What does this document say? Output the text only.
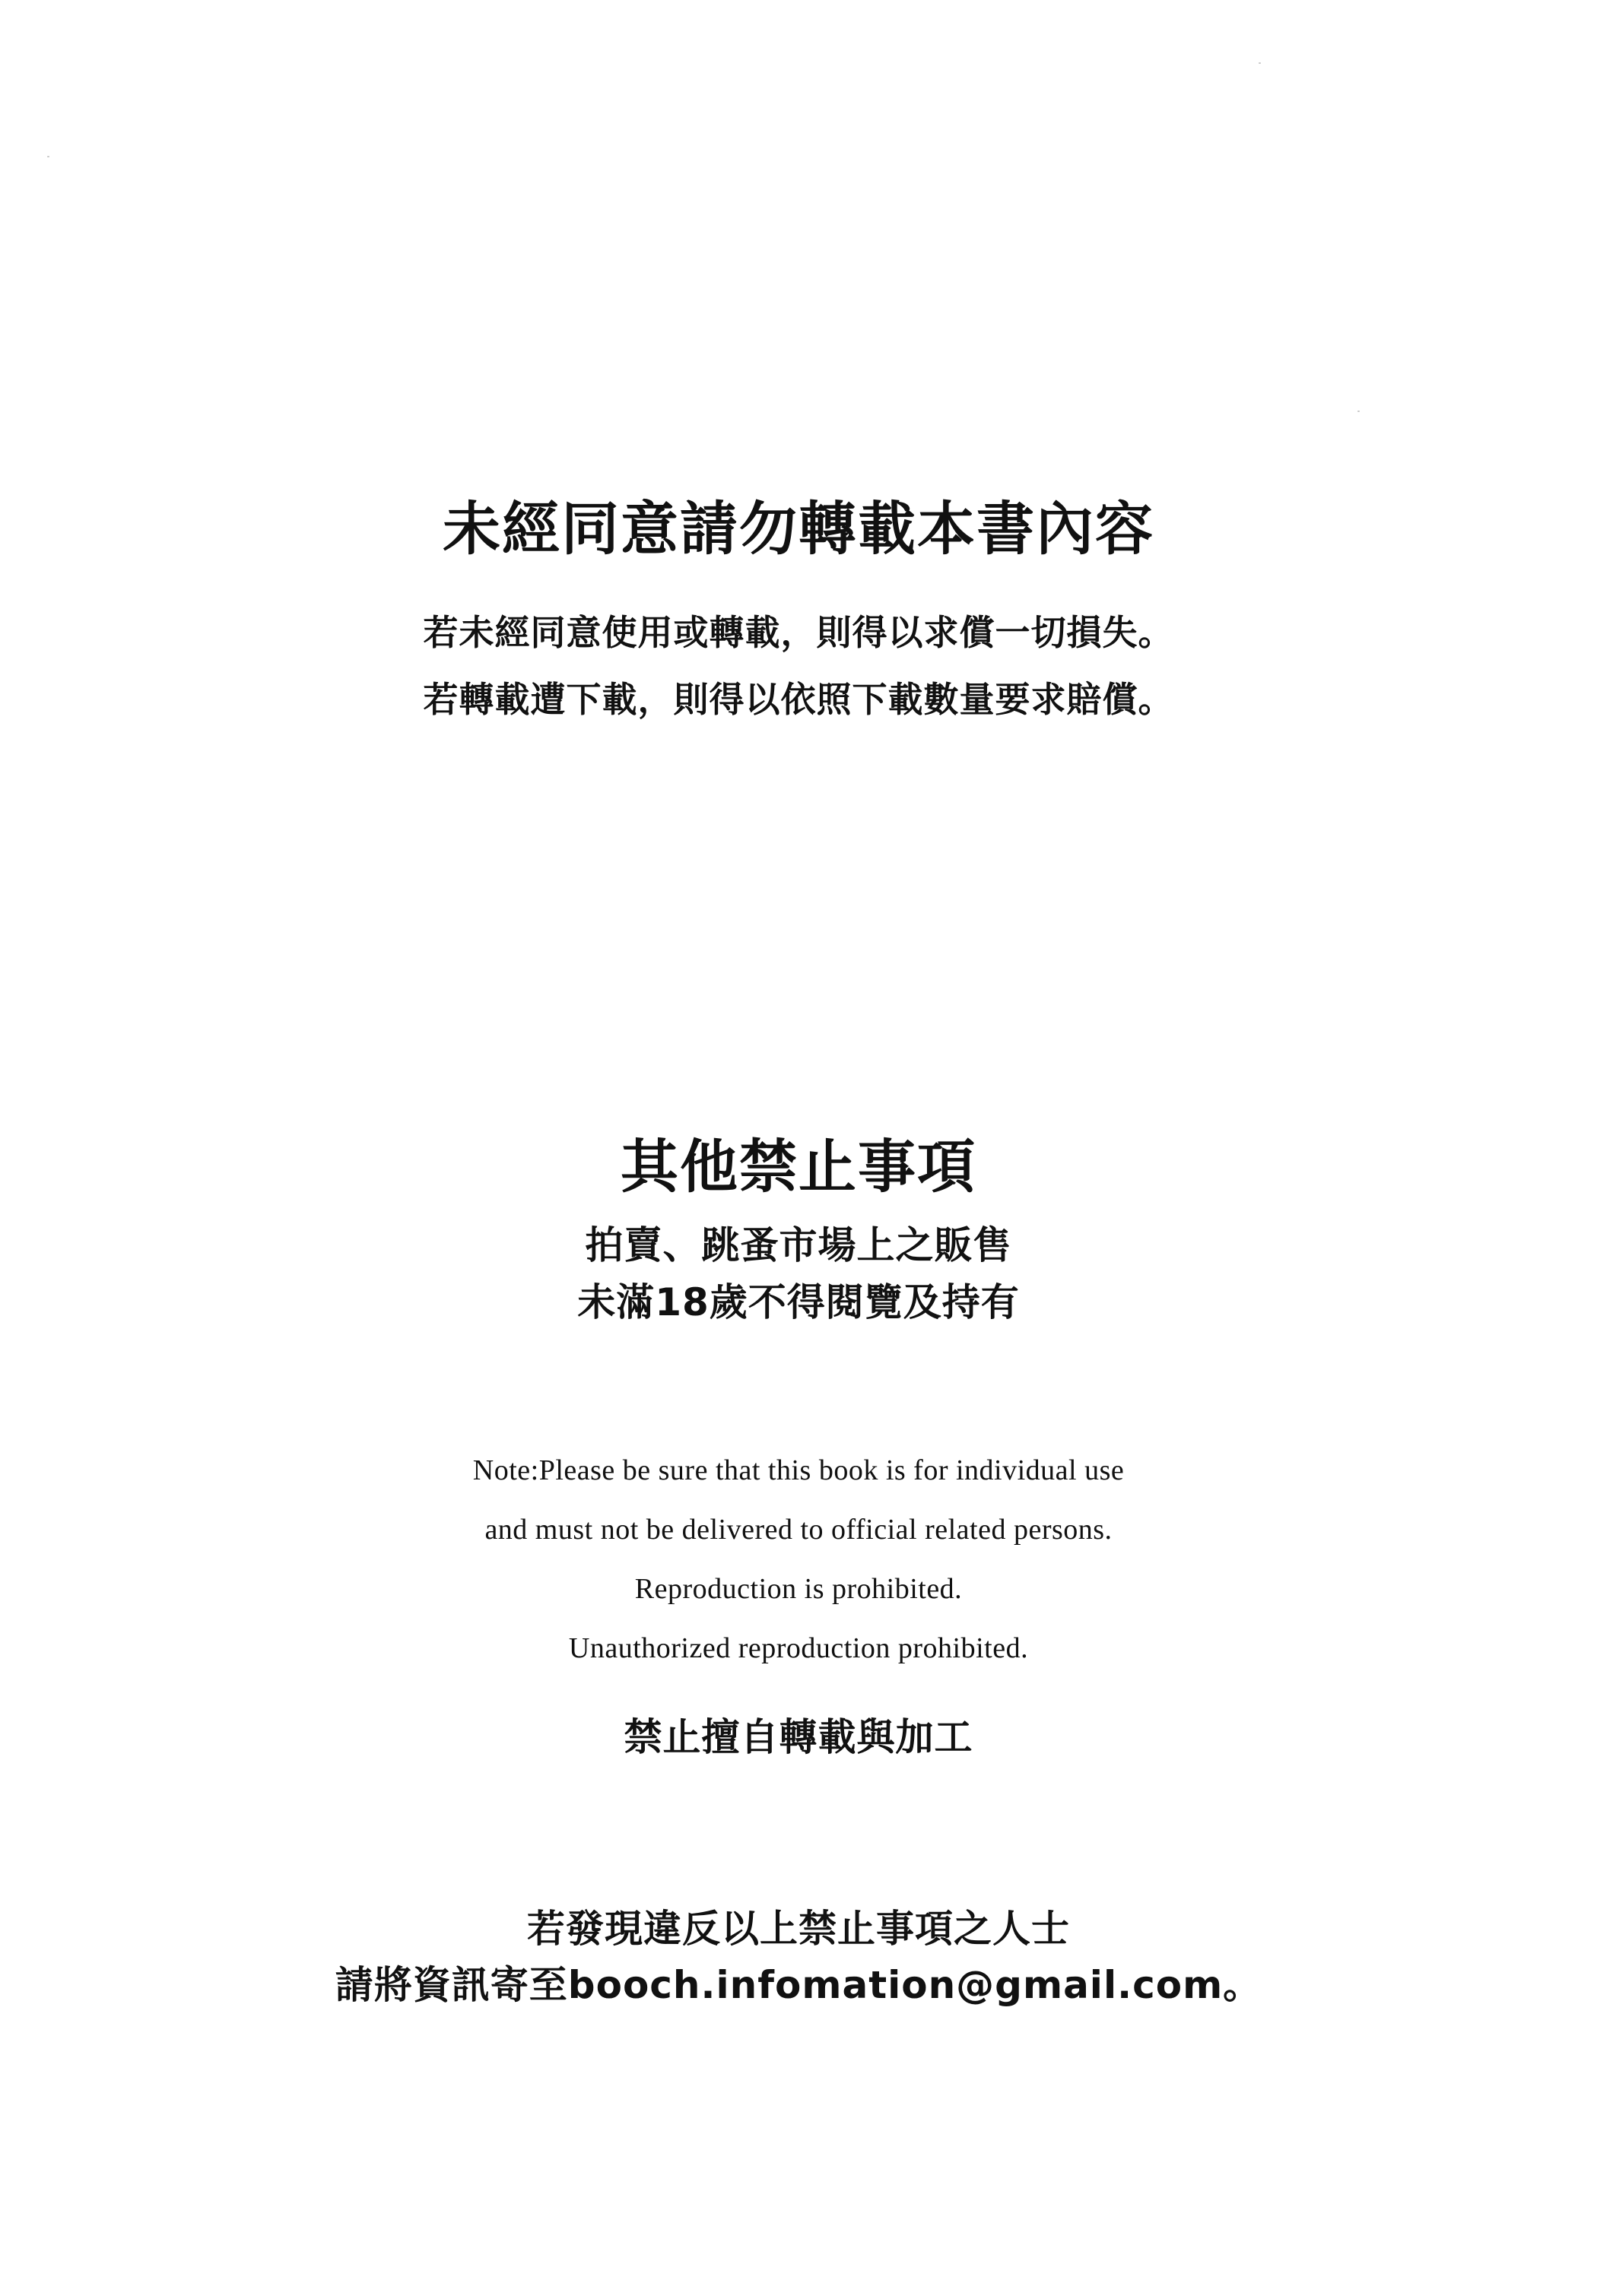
未經同意請勿轉載本書內容
若未經同意使用或轉載，則得以求償一切損失。
若轉載遭下載，則得以依照下載數量要求賠償。
其他禁止事項
拍賣、跳蚤市場上之販售
未滿18歲不得閱覽及持有
Note:Please be sure that this book is for individual use
and must not be delivered to official related persons.
Reproduction is prohibited.
Unauthorized reproduction prohibited.
禁止擅自轉載與加工
若發現違反以上禁止事項之人士
請將資訊寄至booch.infomation@gmail.com。
